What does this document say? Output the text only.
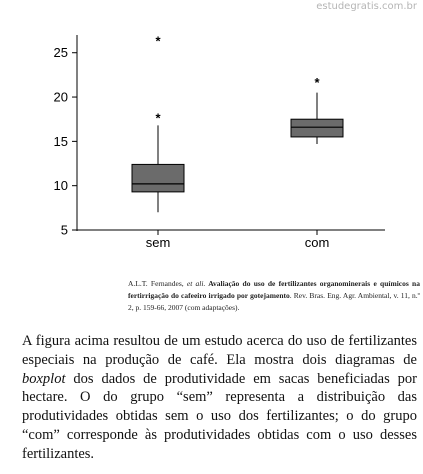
estudegratis.com.br
5
10
15
20
25
sem	com
*
*
*
A.L.T. Fernandes, et ali. Avaliação do uso de fertilizantes organominerais e químicos na fertirrigação do cafeeiro irrigado por gotejamento. Rev. Bras. Eng. Agr. Ambiental, v. 11, n.º 2, p. 159-66, 2007 (com adaptações).

A figura acima resultou de um estudo acerca do uso de fertilizantes especiais na produção de café. Ela mostra dois diagramas de boxplot dos dados de produtividade em sacas beneficiadas por hectare. O do grupo “sem” representa a distribuição das produtividades obtidas sem o uso dos fertilizantes; o do grupo “com” corresponde às produtividades obtidas com o uso desses fertilizantes.
